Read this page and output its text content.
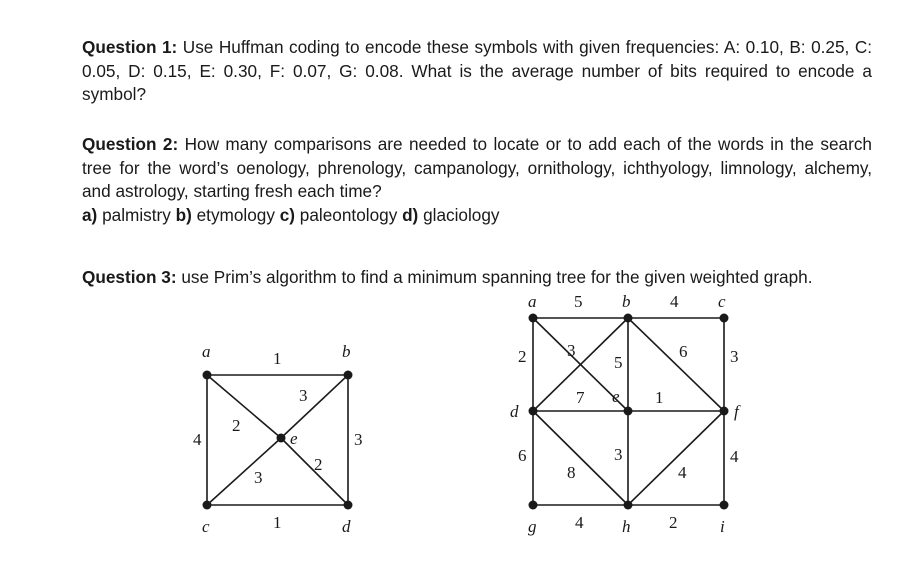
Question 1: Use Huffman coding to encode these symbols with given frequencies: A: 0.10, B: 0.25, C: 0.05, D: 0.15, E: 0.30, F: 0.07, G: 0.08. What is the average number of bits required to encode a symbol?

Question 2: How many comparisons are needed to locate or to add each of the words in the search tree for the word’s oenology, phrenology, campanology, ornithology, ichthyology, limnology, alchemy, and astrology, starting fresh each time?
a) palmistry b) etymology c) paleontology d) glaciology

Question 3: use Prim’s algorithm to find a minimum spanning tree for the given weighted graph.

a	b
c	d
e
1
4
2
3
3
3
2
1
a	b	c
d
e
f
g	h	i
5	4
2 3
5
6	3
7	1
6
8
3
4
4
4	2
